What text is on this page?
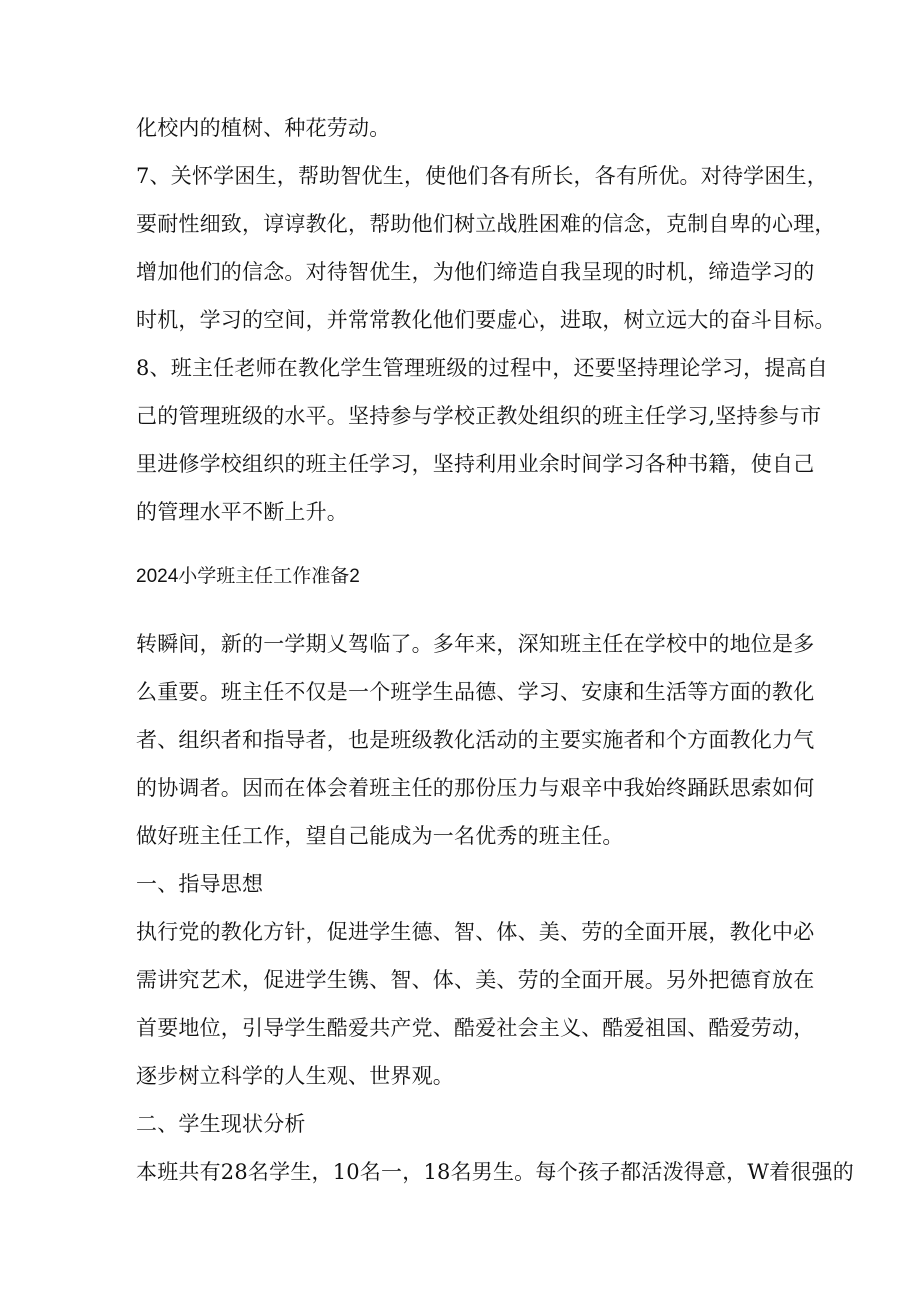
化校内的植树、种花劳动。
7、关怀学困生，帮助智优生，使他们各有所长，各有所优。对待学困生，
要耐性细致，谆谆教化，帮助他们树立战胜困难的信念，克制自卑的心理，
增加他们的信念。对待智优生，为他们缔造自我呈现的时机，缔造学习的
时机，学习的空间，并常常教化他们要虚心，进取，树立远大的奋斗目标。
8、班主任老师在教化学生管理班级的过程中，还要坚持理论学习，提高自
己的管理班级的水平。坚持参与学校正教处组织的班主任学习,坚持参与市
里进修学校组织的班主任学习，坚持利用业余时间学习各种书籍，使自己
的管理水平不断上升。
2024小学班主任工作准备2
转瞬间，新的一学期乂驾临了。多年来，深知班主任在学校中的地位是多
么重要。班主任不仅是一个班学生品德、学习、安康和生活等方面的教化
者、组织者和指导者，也是班级教化活动的主要实施者和个方面教化力气
的协调者。因而在体会着班主任的那份压力与艰辛中我始终踊跃思索如何
做好班主任工作，望自己能成为一名优秀的班主任。
一、指导思想
执行党的教化方针，促进学生德、智、体、美、劳的全面开展，教化中必
需讲究艺术，促进学生镌、智、体、美、劳的全面开展。另外把德育放在
首要地位，引导学生酷爱共产党、酷爱社会主义、酷爱祖国、酷爱劳动，
逐步树立科学的人生观、世界观。
二、学生现状分析
本班共有28名学生，10名一，18名男生。每个孩子都活泼得意，W着很强的
